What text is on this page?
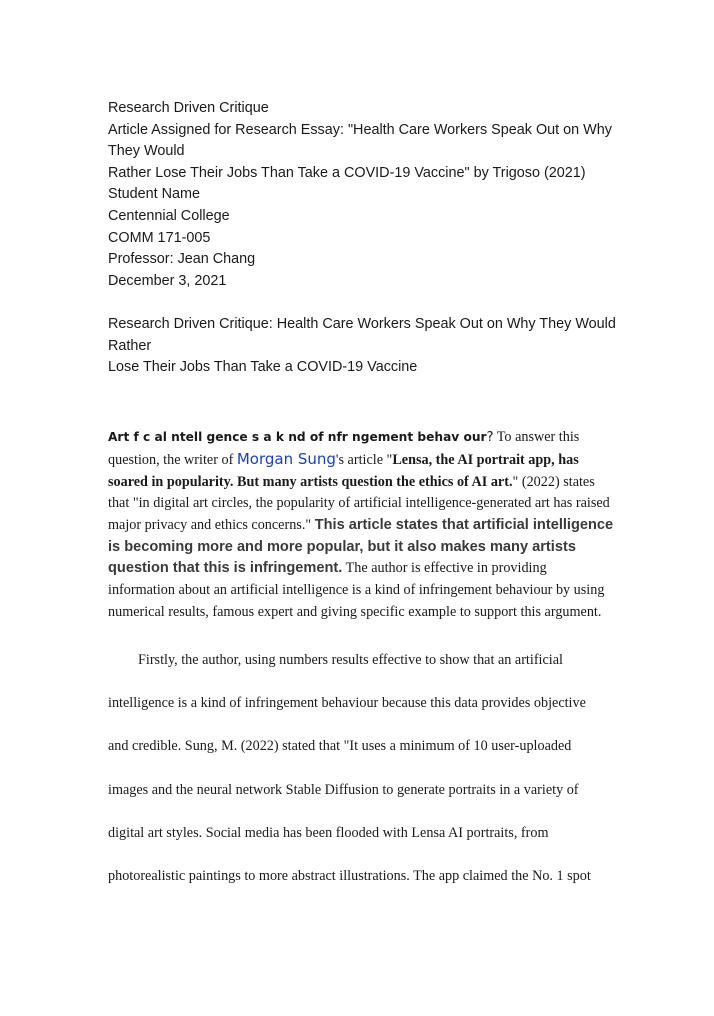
Research Driven Critique
Article Assigned for Research Essay: "Health Care Workers Speak Out on Why
They Would
Rather Lose Their Jobs Than Take a COVID-19 Vaccine" by Trigoso (2021)
Student Name
Centennial College
COMM 171-005
Professor: Jean Chang
December 3, 2021
Research Driven Critique: Health Care Workers Speak Out on Why They Would
Rather
Lose Their Jobs Than Take a COVID-19 Vaccine

Art f c al ntell gence s a k nd of nfr ngement behav our? To answer this question, the writer of Morgan Sung's article "Lensa, the AI portrait app, has soared in popularity. But many artists question the ethics of AI art." (2022) states that "in digital art circles, the popularity of artificial intelligence-generated art has raised major privacy and ethics concerns." This article states that artificial intelligence is becoming more and more popular, but it also makes many artists question that this is infringement. The author is effective in providing information about an artificial intelligence is a kind of infringement behaviour by using numerical results, famous expert and giving specific example to support this argument.

Firstly, the author, using numbers results effective to show that an artificial
intelligence is a kind of infringement behaviour because this data provides objective
and credible. Sung, M. (2022) stated that "It uses a minimum of 10 user-uploaded
images and the neural network Stable Diffusion to generate portraits in a variety of
digital art styles. Social media has been flooded with Lensa AI portraits, from
photorealistic paintings to more abstract illustrations. The app claimed the No. 1 spot
